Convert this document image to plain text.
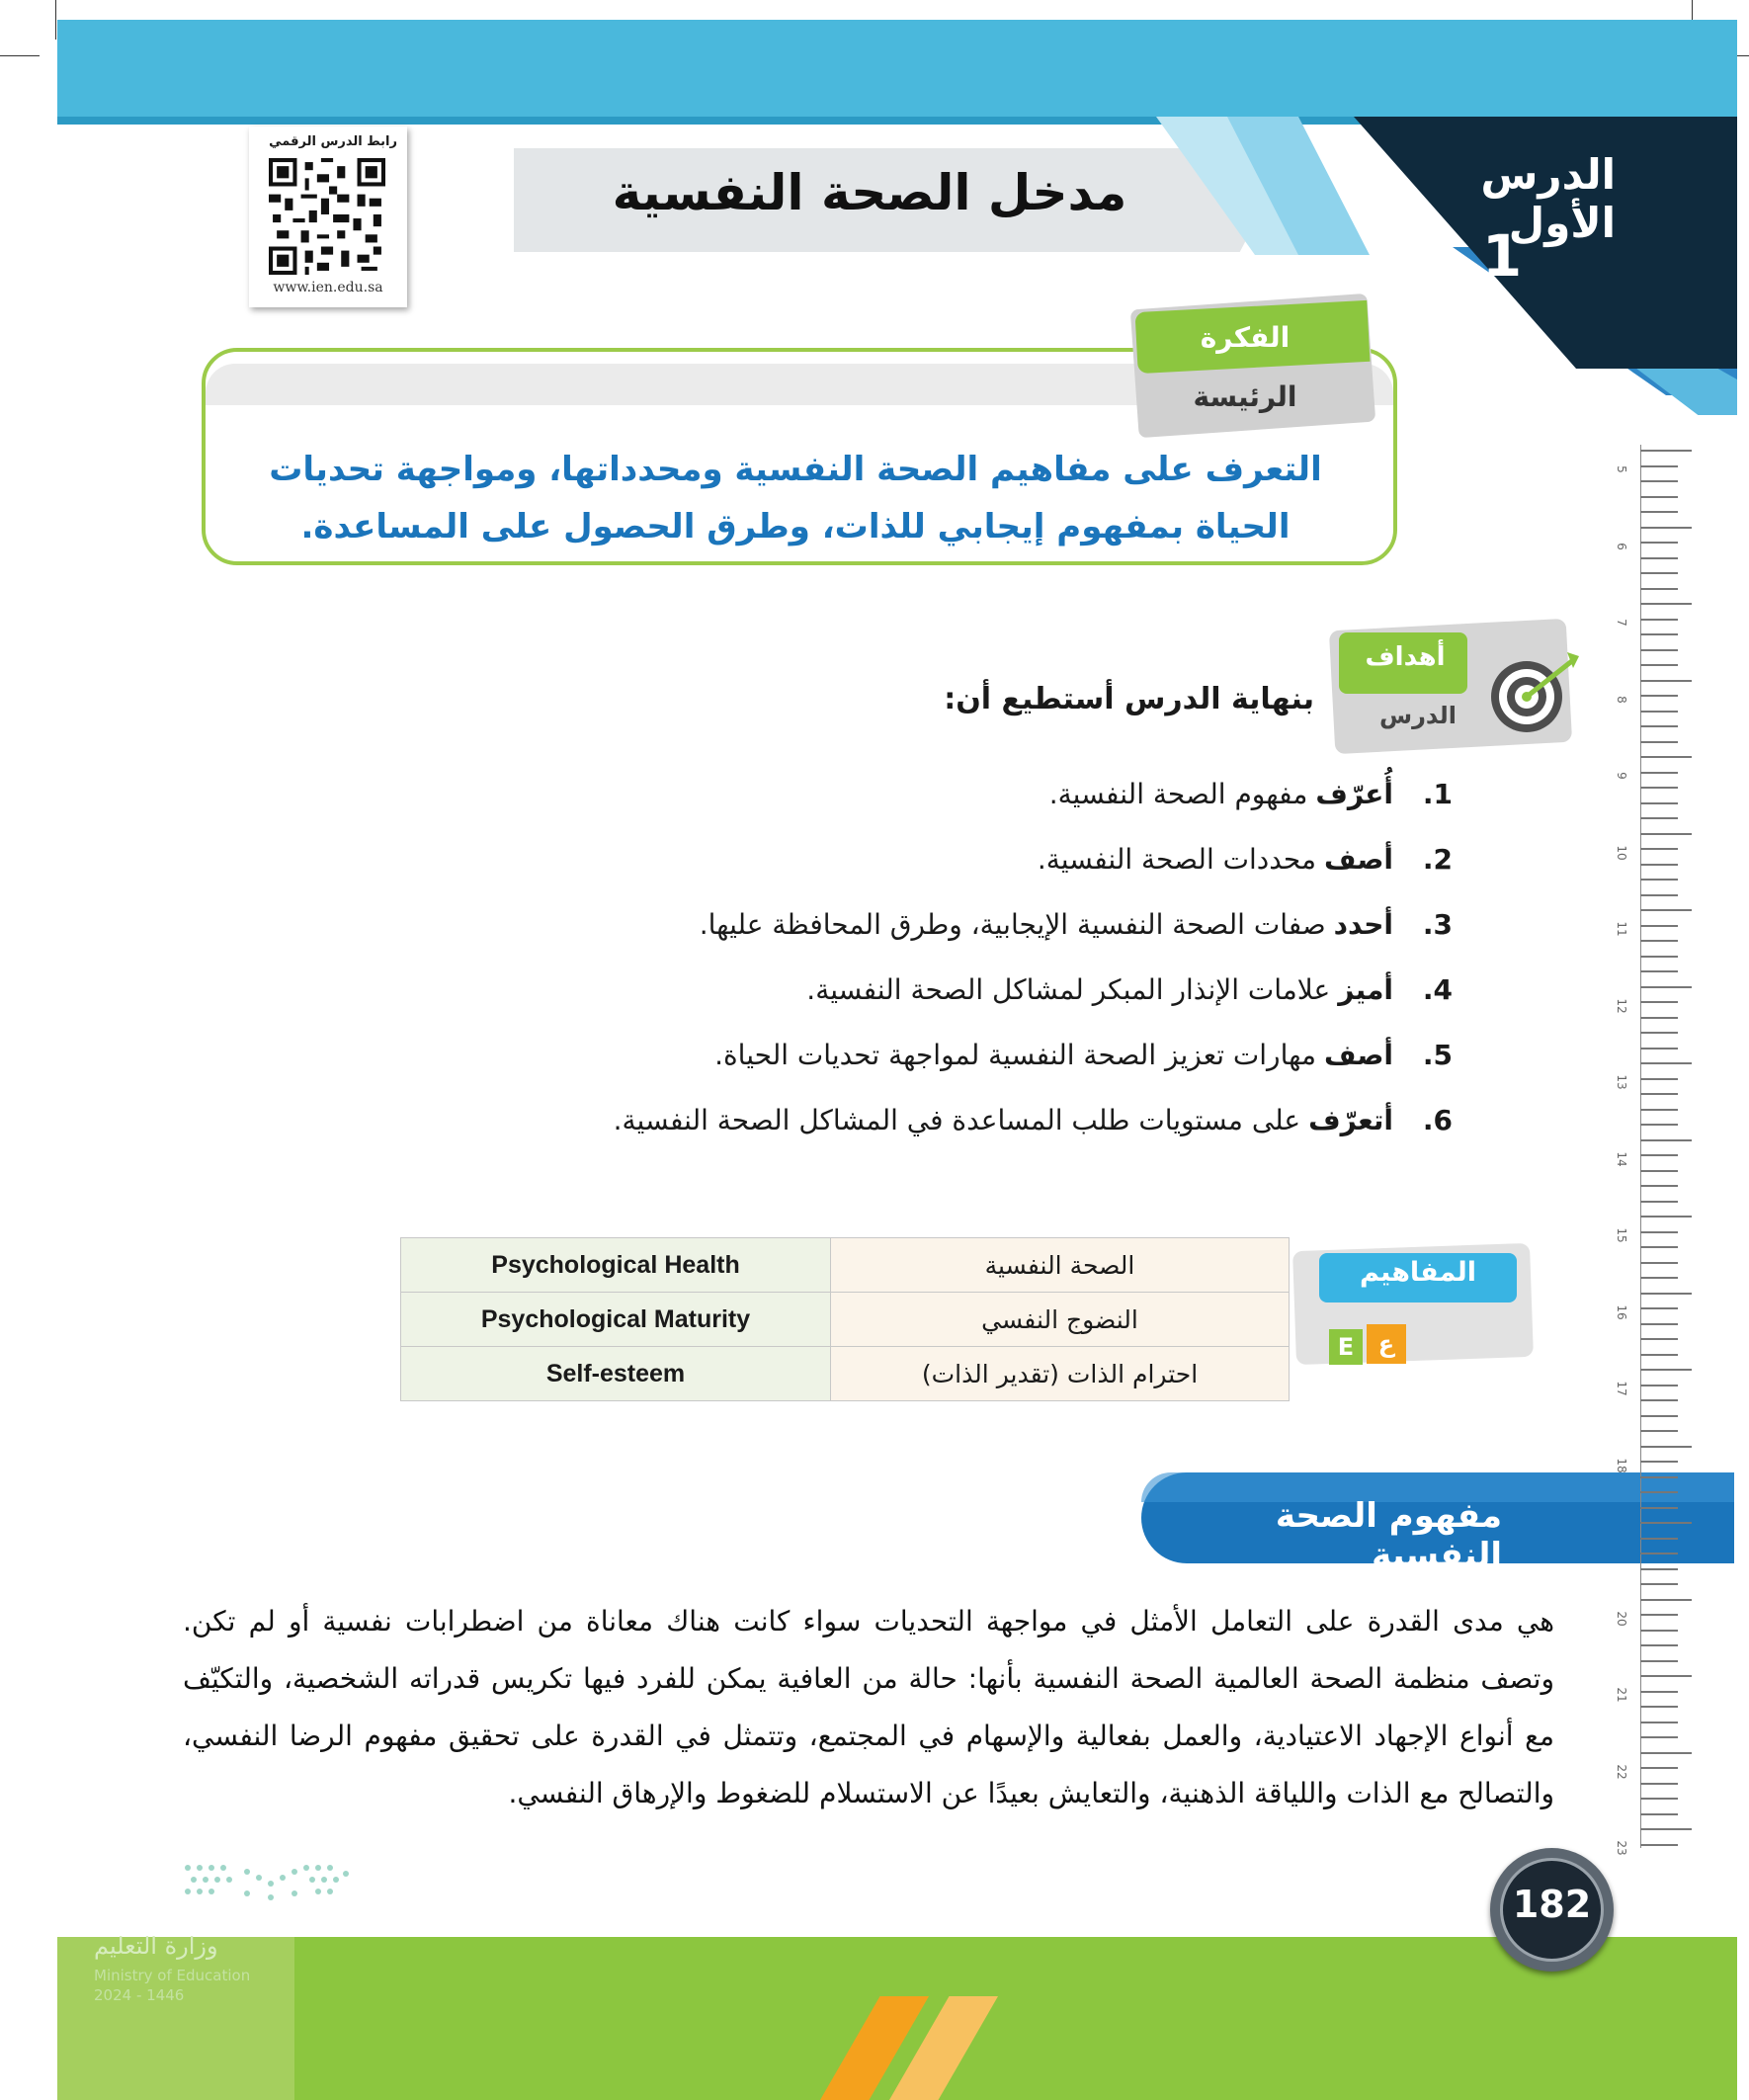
الدرس الأول
1
مدخل الصحة النفسية
رابط الدرس الرقمي
www.ien.edu.sa
الفكرة
الرئيسة
التعرف على مفاهيم الصحة النفسية ومحدداتها، ومواجهة تحديات الحياة بمفهوم إيجابي للذات، وطرق الحصول على المساعدة.
أهداف
الدرس
بنهاية الدرس أستطيع أن:
1.
أُعرّف
مفهوم الصحة النفسية.
2.
أصف
محددات الصحة النفسية.
3.
أحدد
صفات الصحة النفسية الإيجابية، وطرق المحافظة عليها.
4.
أميز
علامات الإنذار المبكر لمشاكل الصحة النفسية.
5.
أصف
مهارات تعزيز الصحة النفسية لمواجهة تحديات الحياة.
6.
أتعرّف
على مستويات طلب المساعدة في المشاكل الصحة النفسية.
المفاهيم
E	ع
Psychological Health	الصحة النفسية
Psychological Maturity	النضوج النفسي
Self-esteem	احترام الذات (تقدير الذات)
مفهوم الصحة النفسية
هي مدى القدرة على التعامل الأمثل في مواجهة التحديات سواء كانت هناك معاناة من اضطرابات نفسية أو لم تكن. وتصف منظمة الصحة العالمية الصحة النفسية بأنها: حالة من العافية يمكن للفرد فيها تكريس قدراته الشخصية، والتكيّف مع أنواع الإجهاد الاعتيادية، والعمل بفعالية والإسهام في المجتمع، وتتمثل في القدرة على تحقيق مفهوم الرضا النفسي، والتصالح مع الذات واللياقة الذهنية، والتعايش بعيدًا عن الاستسلام للضغوط والإرهاق النفسي.
5
6
7
8
9
10
11
12
13
14
15
16
17
18
20
21
22
23
وزارة التعليم
Ministry of Education
2024 - 1446
182
